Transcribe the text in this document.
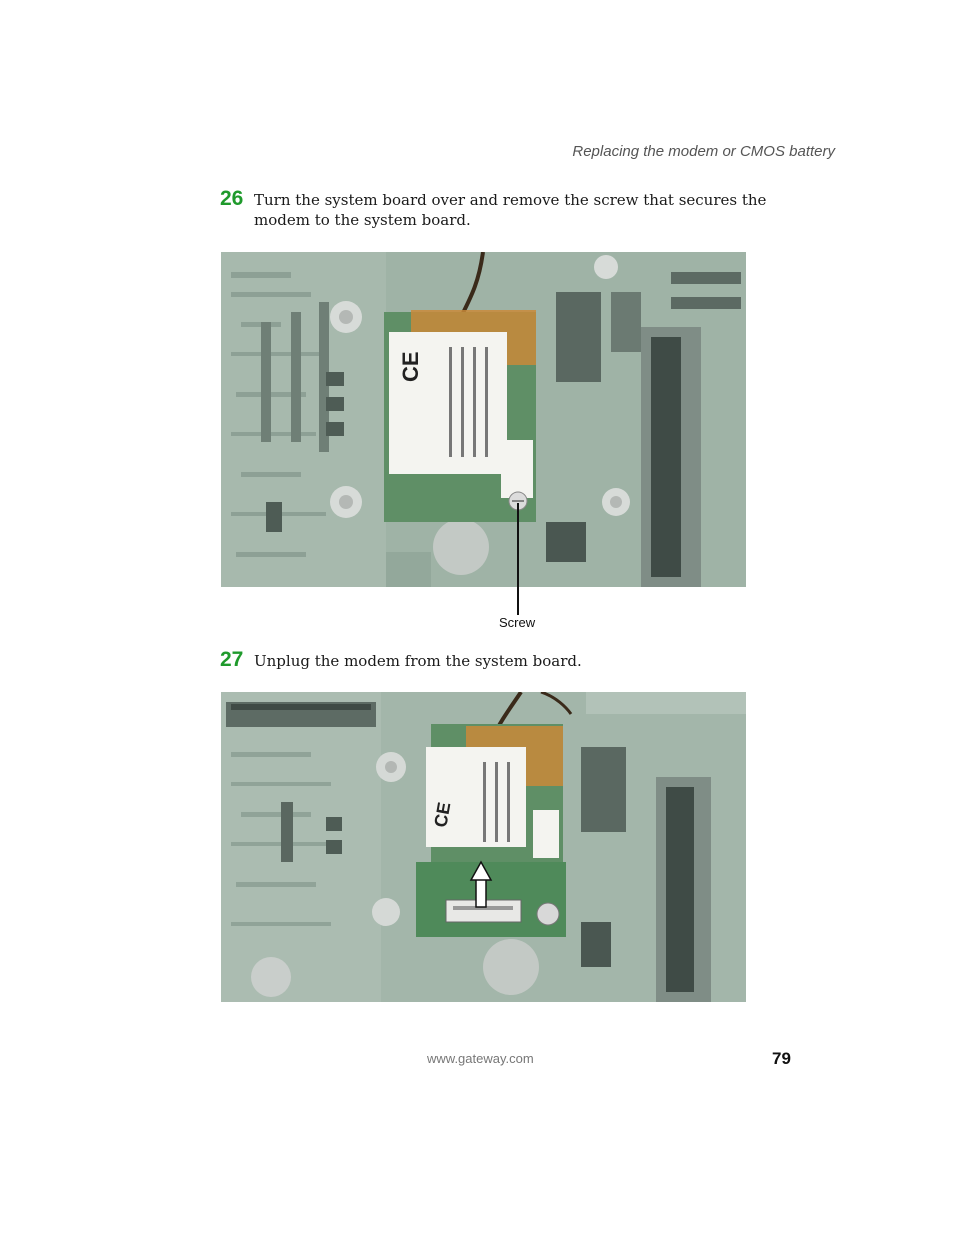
Replacing the modem or CMOS battery
26 Turn the system board over and remove the screw that secures the modem to the system board.
CE
Screw
27 Unplug the modem from the system board.
CE
www.gateway.com	79
